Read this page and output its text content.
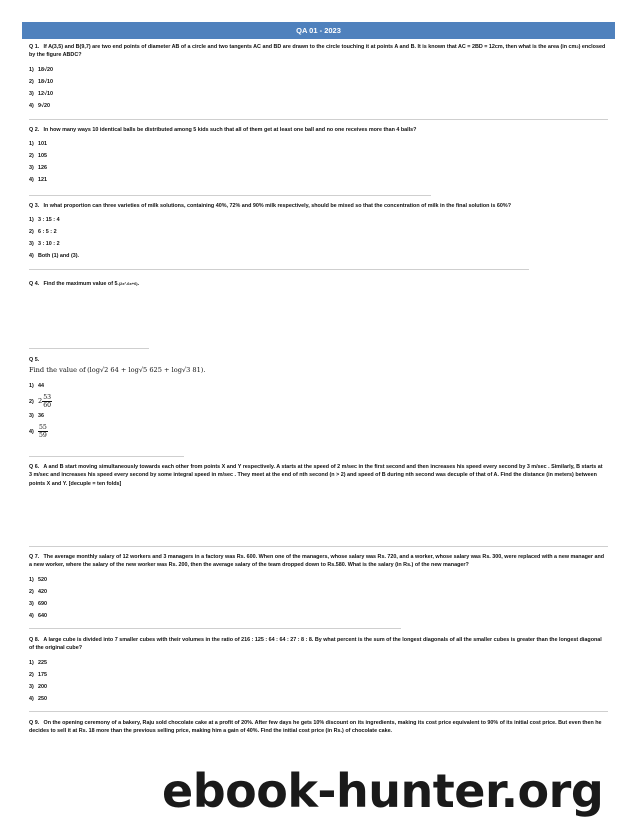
QA 01 - 2023
Q 1. If A(3,5) and B(9,7) are two end points of diameter AB of a circle and two tangents AC and BD are drawn to the circle touching it at points A and B. It is known that AC = 2BD = 12cm, then what is the area (in $cm^2$) enclosed by the figure ABDC?
1) 18√20
2) 18√10
3) 12√10
4) 9√20
Q 2. In how many ways 10 identical balls be distributed among 5 kids such that all of them get at least one ball and no one receives more than 4 balls?
1) 101
2) 105
3) 126
4) 121
Q 3. In what proportion can three varieties of milk solutions, containing 40%, 72% and 90% milk respectively, should be mixed so that the concentration of milk in the final solution is 60%?
1) 3 : 15 : 4
2) 6 : 5 : 2
3) 3 : 10 : 2
4) Both (1) and (3).
Q 4. Find the maximum value of $5^{-(2x^2-6x+6)}$.
Q 5.
Find the value of (log√2 64 + log√5 625 + log√3 81).
1) 44
2) $2 \frac{53}{60}$
3) 36
$4) \frac{55}{59}$
Q 6. A and B start moving simultaneously towards each other from points X and Y respectively. A starts at the speed of 2 m/sec in the first second and then increases his speed every second by 3 m/sec . Similarly, B starts at 3 m/sec and increases his speed every second by some integral speed in m/sec . They meet at the end of nth second (n > 2) and speed of B during nth second was decuple of that of A. Find the distance (in meters) between points X and Y. [decuple = ten folds]
Q 7. The average monthly salary of 12 workers and 3 managers in a factory was Rs. 600. When one of the managers, whose salary was Rs. 720, and a worker, whose salary was Rs. 300, were replaced with a new manager and a new worker, where the salary of the new worker was Rs. 200, then the average salary of the team dropped down to Rs.580. What is the salary (in Rs.) of the new manager?
1) 520
2) 420
3) 690
4) 640
Q 8. A large cube is divided into 7 smaller cubes with their volumes in the ratio of 216 : 125 : 64 : 64 : 27 : 8 : 8. By what percent is the sum of the longest diagonals of all the smaller cubes is greater than the longest diagonal of the original cube?
1) 225
2) 175
3) 200
4) 250
Q 9. On the opening ceremony of a bakery, Raju sold chocolate cake at a profit of 20%. After few days he gets 10% discount on its ingredients, making its cost price equivalent to 90% of its initial cost price. But even then he decides to sell it at Rs. 18 more than the previous selling price, making him a gain of 40%. Find the initial cost price (in Rs.) of chocolate cake.
ebook-hunter.org
